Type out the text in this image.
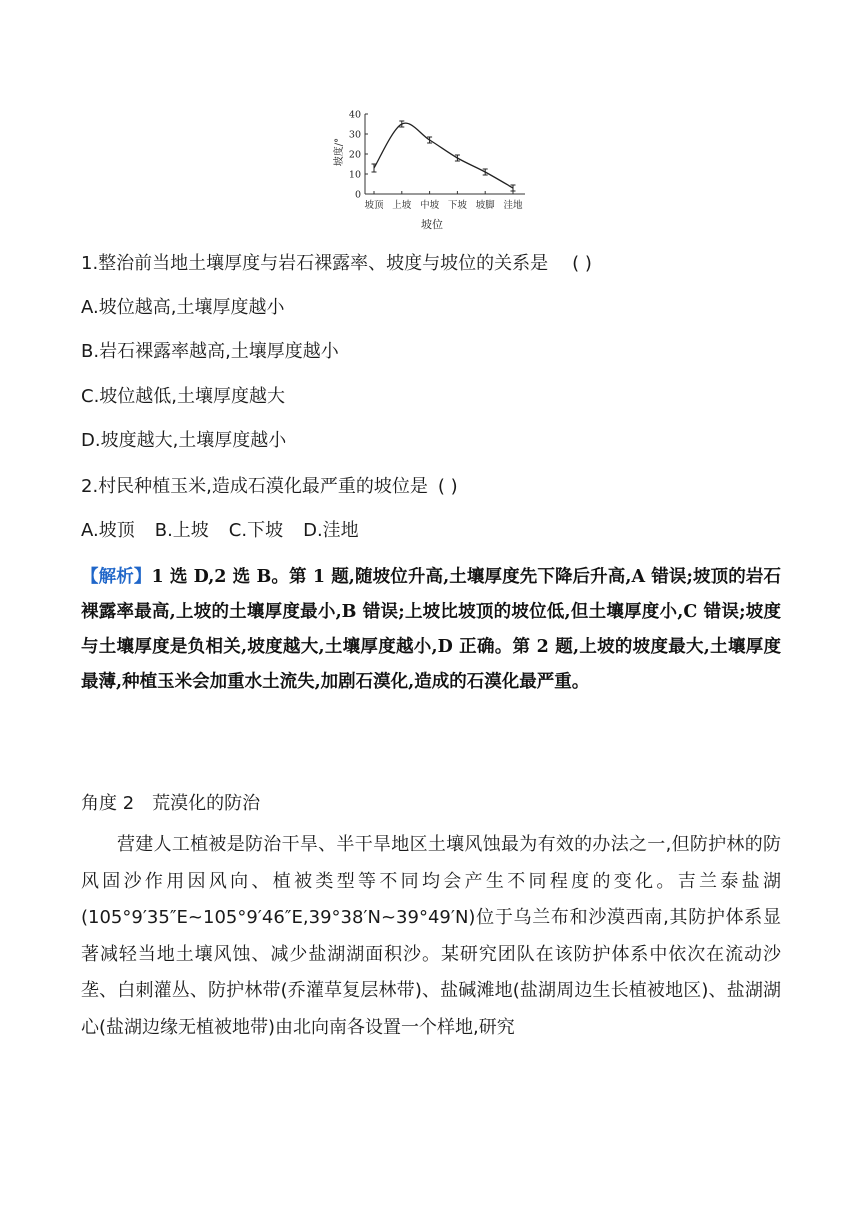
坡度/°
坡位
0
10
20
30
40
坡顶 上坡 中坡 下坡 坡脚 洼地
1.整治前当地土壤厚度与岩石裸露率、坡度与坡位的关系是 ( )
A.坡位越高,土壤厚度越小
B.岩石裸露率越高,土壤厚度越小
C.坡位越低,土壤厚度越大
D.坡度越大,土壤厚度越小
2.村民种植玉米,造成石漠化最严重的坡位是 ( )
A.坡顶 B.上坡 C.下坡 D.洼地
【解析】1 选 D,2 选 B。第 1 题,随坡位升高,土壤厚度先下降后升高,A 错误;坡顶的岩石裸露率最高,上坡的土壤厚度最小,B 错误;上坡比坡顶的坡位低,但土壤厚度小,C 错误;坡度与土壤厚度是负相关,坡度越大,土壤厚度越小,D 正确。第 2 题,上坡的坡度最大,土壤厚度最薄,种植玉米会加重水土流失,加剧石漠化,造成的石漠化最严重。
角度 2　荒漠化的防治
营建人工植被是防治干旱、半干旱地区土壤风蚀最为有效的办法之一,但防护林的防风固沙作用因风向、植被类型等不同均会产生不同程度的变化。吉兰泰盐湖(105°9′35″E~105°9′46″E,39°38′N~39°49′N)位于乌兰布和沙漠西南,其防护体系显著减轻当地土壤风蚀、减少盐湖湖面积沙。某研究团队在该防护体系中依次在流动沙垄、白刺灌丛、防护林带(乔灌草复层林带)、盐碱滩地(盐湖周边生长植被地区)、盐湖湖心(盐湖边缘无植被地带)由北向南各设置一个样地,研究
